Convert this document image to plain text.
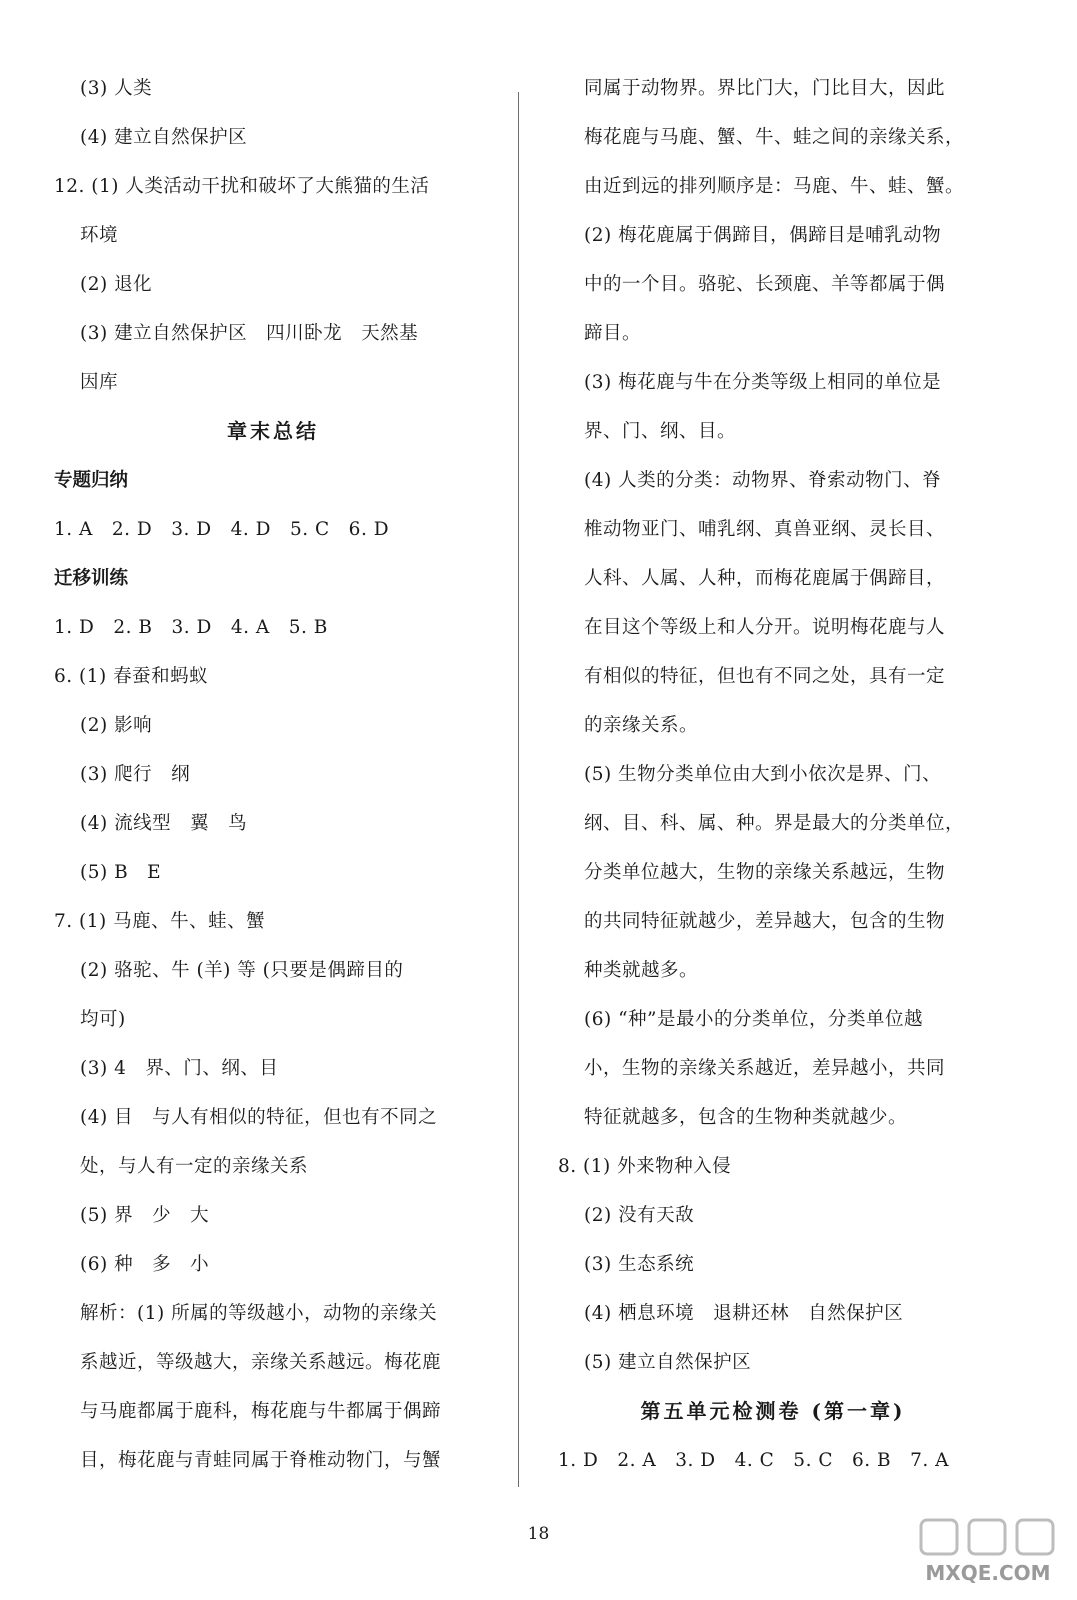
(3) 人类
(4) 建立自然保护区
12. (1) 人类活动干扰和破坏了大熊猫的生活
环境
(2) 退化
(3) 建立自然保护区　四川卧龙　天然基
因库
章末总结
专题归纳
1. A　2. D　3. D　4. D　5. C　6. D
迁移训练
1. D　2. B　3. D　4. A　5. B
6. (1) 春蚕和蚂蚁
(2) 影响
(3) 爬行　纲
(4) 流线型　翼　鸟
(5) B　E
7. (1) 马鹿、牛、蛙、蟹
(2) 骆驼、牛 (羊) 等 (只要是偶蹄目的
均可)
(3) 4　界、门、纲、目
(4) 目　与人有相似的特征，但也有不同之
处，与人有一定的亲缘关系
(5) 界　少　大
(6) 种　多　小
解析：(1) 所属的等级越小，动物的亲缘关
系越近，等级越大，亲缘关系越远。梅花鹿
与马鹿都属于鹿科，梅花鹿与牛都属于偶蹄
目，梅花鹿与青蛙同属于脊椎动物门，与蟹
同属于动物界。界比门大，门比目大，因此
梅花鹿与马鹿、蟹、牛、蛙之间的亲缘关系，
由近到远的排列顺序是：马鹿、牛、蛙、蟹。
(2) 梅花鹿属于偶蹄目，偶蹄目是哺乳动物
中的一个目。骆驼、长颈鹿、羊等都属于偶
蹄目。
(3) 梅花鹿与牛在分类等级上相同的单位是
界、门、纲、目。
(4) 人类的分类：动物界、脊索动物门、脊
椎动物亚门、哺乳纲、真兽亚纲、灵长目、
人科、人属、人种，而梅花鹿属于偶蹄目，
在目这个等级上和人分开。说明梅花鹿与人
有相似的特征，但也有不同之处，具有一定
的亲缘关系。
(5) 生物分类单位由大到小依次是界、门、
纲、目、科、属、种。界是最大的分类单位，
分类单位越大，生物的亲缘关系越远，生物
的共同特征就越少，差异越大，包含的生物
种类就越多。
(6) “种”是最小的分类单位，分类单位越
小，生物的亲缘关系越近，差异越小，共同
特征就越多，包含的生物种类就越少。
8. (1) 外来物种入侵
(2) 没有天敌
(3) 生态系统
(4) 栖息环境　退耕还林　自然保护区
(5) 建立自然保护区
第五单元检测卷 (第一章)
1. D　2. A　3. D　4. C　5. C　6. B　7. A
18
MXQE.COM
